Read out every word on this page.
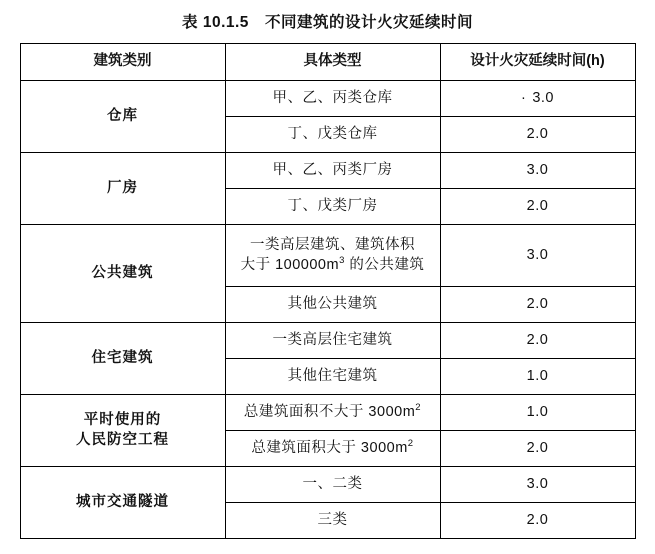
表 10.1.5 不同建筑的设计火灾延续时间
建筑类别	具体类型	设计火灾延续时间(h)
仓库	甲、乙、丙类仓库	· 3.0
	丁、戊类仓库	2.0
厂房	甲、乙、丙类厂房	3.0
	丁、戊类厂房	2.0
公共建筑	一类高层建筑、建筑体积
大于 $100000m^3$ 的公共建筑	3.0
	其他公共建筑	2.0
住宅建筑	一类高层住宅建筑	2.0
	其他住宅建筑	1.0
平时使用的
人民防空工程	总建筑面积不大于 $3000m^2$	1.0
	总建筑面积大于 $3000m^2$	2.0
城市交通隧道	一、二类	3.0
	三类	2.0
